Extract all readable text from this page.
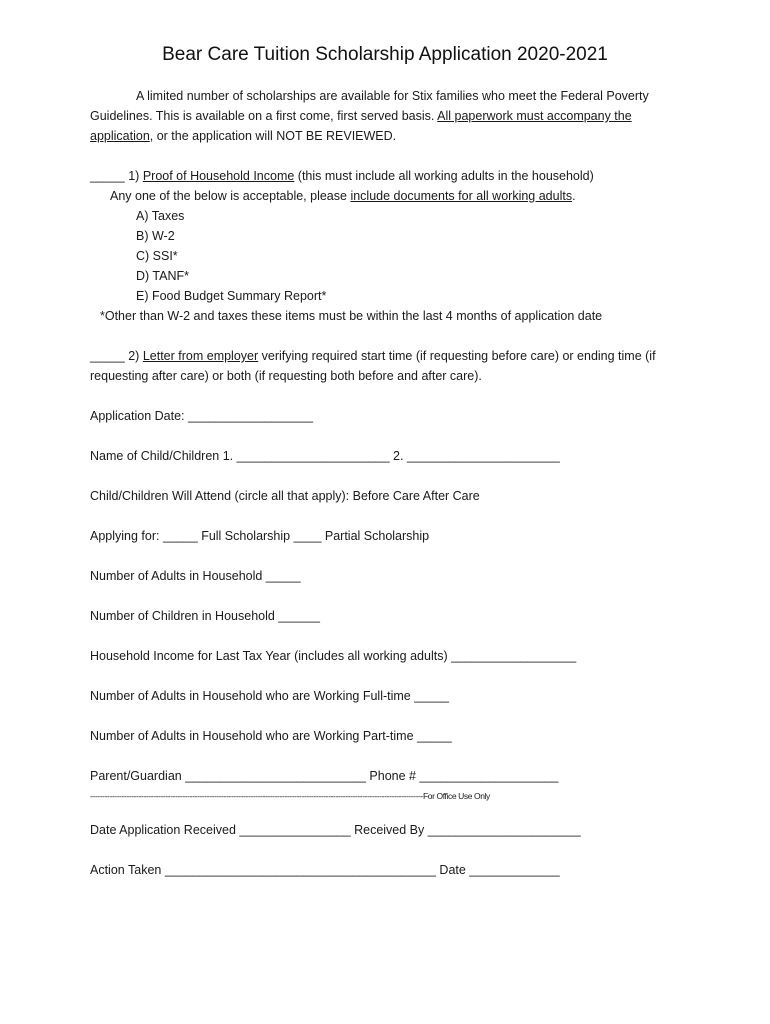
Bear Care Tuition Scholarship Application 2020-2021
A limited number of scholarships are available for Stix families who meet the Federal Poverty
Guidelines. This is available on a first come, first served basis. All paperwork must accompany the
application, or the application will NOT BE REVIEWED.
_____ 1) Proof of Household Income (this must include all working adults in the household)
Any one of the below is acceptable, please include documents for all working adults.
A) Taxes
B) W-2
C) SSI*
D) TANF*
E) Food Budget Summary Report*
*Other than W-2 and taxes these items must be within the last 4 months of application date
_____ 2) Letter from employer verifying required start time (if requesting before care) or ending time (if
requesting after care) or both (if requesting both before and after care).
Application Date: __________________
Name of Child/Children 1. ______________________ 2. ______________________
Child/Children Will Attend (circle all that apply): Before Care After Care
Applying for: _____ Full Scholarship ____ Partial Scholarship
Number of Adults in Household _____
Number of Children in Household ______
Household Income for Last Tax Year (includes all working adults) __________________
Number of Adults in Household who are Working Full-time _____
Number of Adults in Household who are Working Part-time _____
Parent/Guardian __________________________ Phone # ____________________
-----------------------------------------------------------------------------------------------------------------------------------------For Office Use Only
Date Application Received ________________ Received By ______________________
Action Taken _______________________________________ Date _____________
